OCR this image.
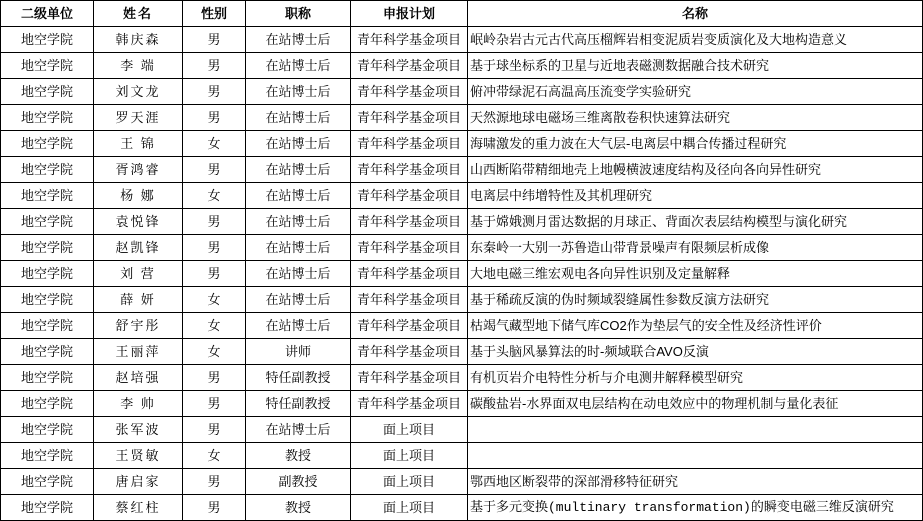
二级单位	姓名	性别	职称	申报计划	名称
地空学院	韩庆森	男	在站博士后	青年科学基金项目	岷岭杂岩古元古代高压榴辉岩相变泥质岩变质演化及大地构造意义
地空学院	李 端	男	在站博士后	青年科学基金项目	基于球坐标系的卫星与近地表磁测数据融合技术研究
地空学院	刘文龙	男	在站博士后	青年科学基金项目	俯冲带绿泥石高温高压流变学实验研究
地空学院	罗天涯	男	在站博士后	青年科学基金项目	天然源地球电磁场三维离散卷积快速算法研究
地空学院	王 锦	女	在站博士后	青年科学基金项目	海啸激发的重力波在大气层-电离层中耦合传播过程研究
地空学院	胥鸿睿	男	在站博士后	青年科学基金项目	山西断陷带精细地壳上地幔横波速度结构及径向各向异性研究
地空学院	杨 娜	女	在站博士后	青年科学基金项目	电离层中纬增特性及其机理研究
地空学院	袁悦锋	男	在站博士后	青年科学基金项目	基于嫦娥测月雷达数据的月球正、背面次表层结构模型与演化研究
地空学院	赵凯锋	男	在站博士后	青年科学基金项目	东秦岭一大别一苏鲁造山带背景噪声有限频层析成像
地空学院	刘 营	男	在站博士后	青年科学基金项目	大地电磁三维宏观电各向异性识别及定量解释
地空学院	薛 妍	女	在站博士后	青年科学基金项目	基于稀疏反演的伪时频域裂缝属性参数反演方法研究
地空学院	舒宇彤	女	在站博士后	青年科学基金项目	枯竭气藏型地下储气库CO2作为垫层气的安全性及经济性评价
地空学院	王丽萍	女	讲师	青年科学基金项目	基于头脑风暴算法的时-频域联合AVO反演
地空学院	赵培强	男	特任副教授	青年科学基金项目	有机页岩介电特性分析与介电测井解释模型研究
地空学院	李 帅	男	特任副教授	青年科学基金项目	碳酸盐岩-水界面双电层结构在动电效应中的物理机制与量化表征
地空学院	张军波	男	在站博士后	面上项目	
地空学院	王贤敏	女	教授	面上项目	
地空学院	唐启家	男	副教授	面上项目	鄂西地区断裂带的深部滑移特征研究
地空学院	蔡红柱	男	教授	面上项目	基于多元变换(multinary transformation)的瞬变电磁三维反演研究
